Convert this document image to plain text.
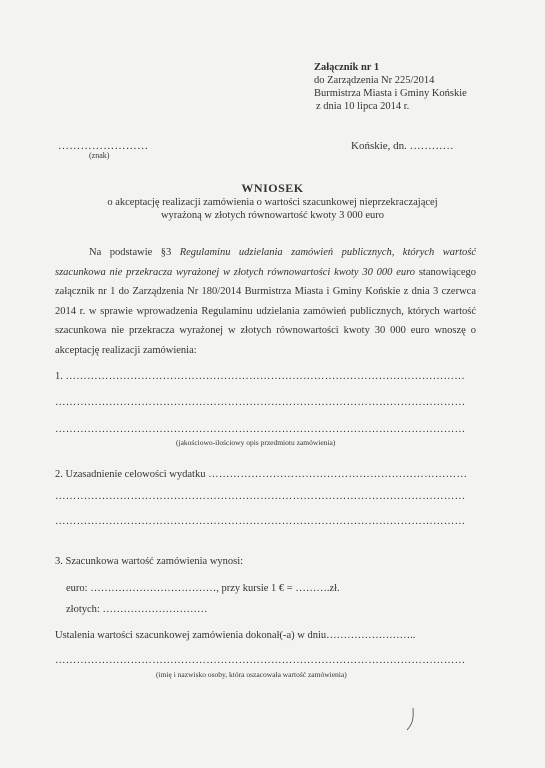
Załącznik nr 1
do Zarządzenia Nr 225/2014
Burmistrza Miasta i Gminy Końskie
z dnia 10 lipca 2014 r.
……………………
(znak)
Końskie, dn. …………
WNIOSEK
o akceptację realizacji zamówienia o wartości szacunkowej nieprzekraczającej
wyrażoną w złotych równowartość kwoty 3 000 euro
Na podstawie §3 Regulaminu udzielania zamówień publicznych, których wartość szacunkowa nie przekracza wyrażonej w złotych równowartości kwoty 30 000 euro stanowiącego załącznik nr 1 do Zarządzenia Nr 180/2014 Burmistrza Miasta i Gminy Końskie z dnia 3 czerwca 2014 r. w sprawie wprowadzenia Regulaminu udzielania zamówień publicznych, których wartość szacunkowa nie przekracza wyrażonej w złotych równowartości kwoty 30 000 euro wnoszę o akceptację realizacji zamówienia:
1. …………………………………………………………………………………………………
……………………………………………………………………………………………………
……………………………………………………………………………………………………
(jakościowo-ilościowy opis przedmiotu zamówienia)
2. Uzasadnienie celowości wydatku ………………………………………………………………
……………………………………………………………………………………………………
……………………………………………………………………………………………………
3. Szacunkowa wartość zamówienia wynosi:
euro: ………………………………, przy kursie 1 € = ……….zł.
złotych: …………………………
Ustalenia wartości szacunkowej zamówienia dokonał(-a) w dniu……………………..
……………………………………………………………………………………………………
(imię i nazwisko osoby, która oszacowała wartość zamówienia)
